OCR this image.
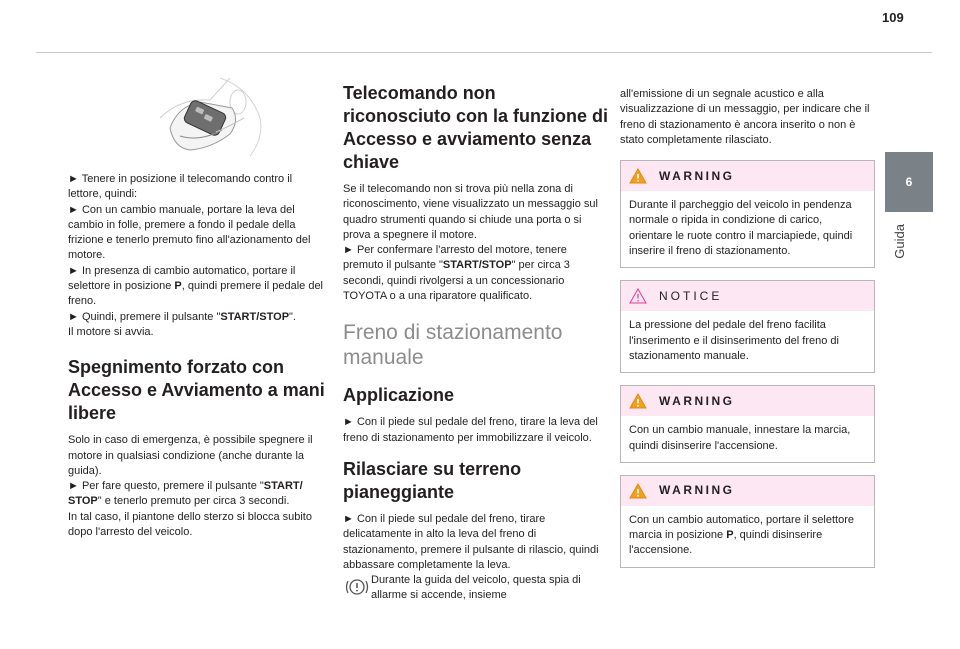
109
6
Guida

► Tenere in posizione il telecomando contro il lettore, quindi:

► Con un cambio manuale, portare la leva del cambio in folle, premere a fondo il pedale della frizione e tenerlo premuto fino all'azionamento del motore.

► In presenza di cambio automatico, portare il selettore in posizione P, quindi premere il pedale del freno.

► Quindi, premere il pulsante "START/STOP".

Il motore si avvia.

Spegnimento forzato con Accesso e Avviamento a mani libere

Solo in caso di emergenza, è possibile spegnere il motore in qualsiasi condizione (anche durante la guida).

► Per fare questo, premere il pulsante "START/ STOP" e tenerlo premuto per circa 3 secondi.

In tal caso, il piantone dello sterzo si blocca subito dopo l'arresto del veicolo.

Telecomando non riconosciuto con la funzione di Accesso e avviamento senza chiave

Se il telecomando non si trova più nella zona di riconoscimento, viene visualizzato un messaggio sul quadro strumenti quando si chiude una porta o si prova a spegnere il motore.

► Per confermare l'arresto del motore, tenere premuto il pulsante "START/STOP" per circa 3 secondi, quindi rivolgersi a un concessionario TOYOTA o a una riparatore qualificato.

Freno di stazionamento manuale
Applicazione

► Con il piede sul pedale del freno, tirare la leva del freno di stazionamento per immobilizzare il veicolo.

Rilasciare su terreno pianeggiante

► Con il piede sul pedale del freno, tirare delicatamente in alto la leva del freno di stazionamento, premere il pulsante di rilascio, quindi abbassare completamente la leva.

Durante la guida del veicolo, questa spia di allarme si accende, insieme

all'emissione di un segnale acustico e alla visualizzazione di un messaggio, per indicare che il freno di stazionamento è ancora inserito o non è stato completamente rilasciato.

WARNING
Durante il parcheggio del veicolo in pendenza normale o ripida in condizione di carico, orientare le ruote contro il marciapiede, quindi inserire il freno di stazionamento.
NOTICE
La pressione del pedale del freno facilita l'inserimento e il disinserimento del freno di stazionamento manuale.
WARNING
Con un cambio manuale, innestare la marcia, quindi disinserire l'accensione.
WARNING
Con un cambio automatico, portare il selettore marcia in posizione P, quindi disinserire l'accensione.
